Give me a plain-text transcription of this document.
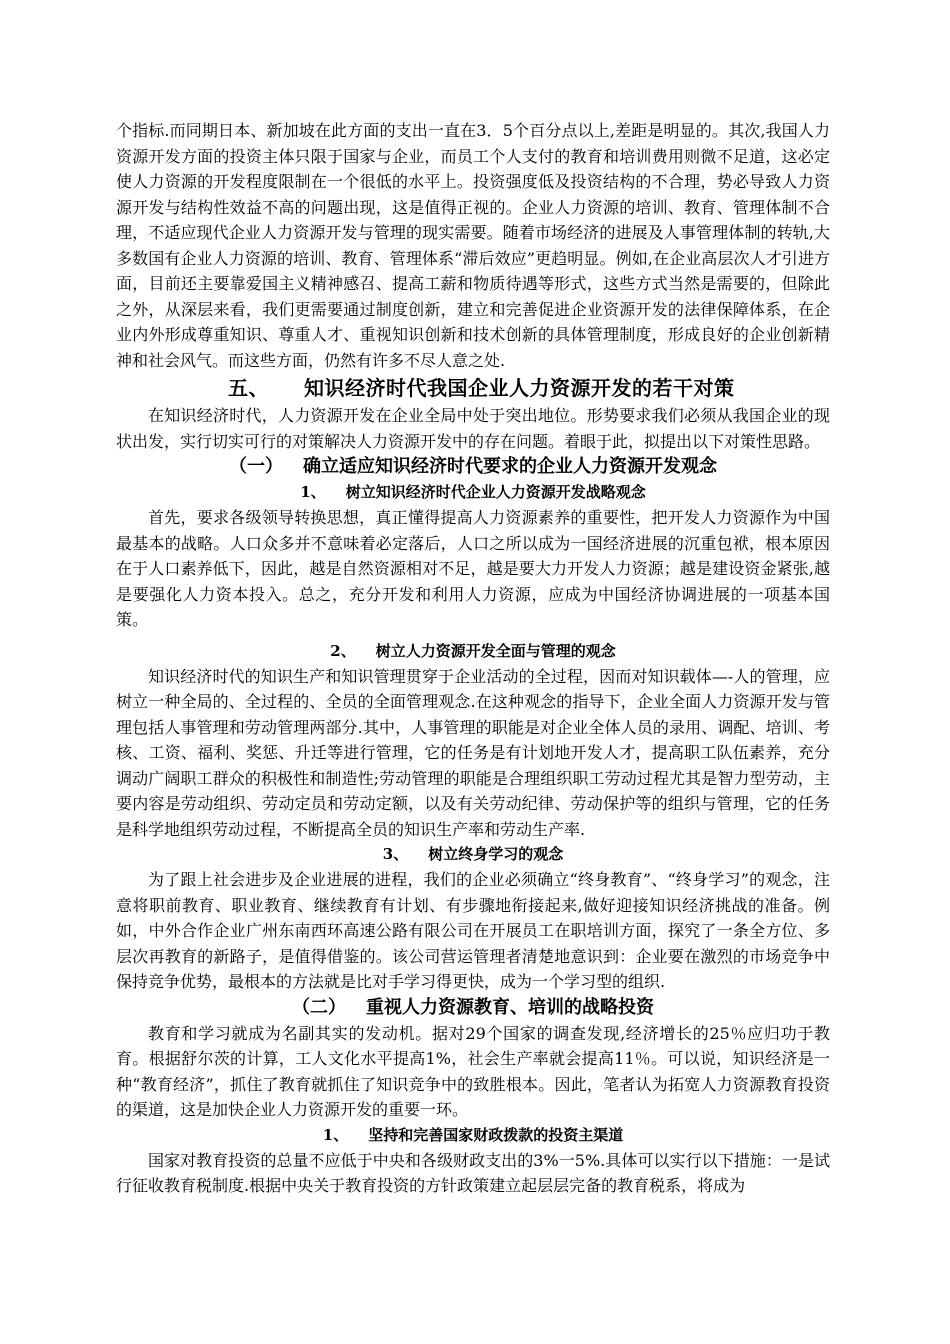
个指标.而同期日本、新加坡在此方面的支出一直在3．5个百分点以上,差距是明显的。其次,我国人力资源开发方面的投资主体只限于国家与企业，而员工个人支付的教育和培训费用则微不足道，这必定使人力资源的开发程度限制在一个很低的水平上。投资强度低及投资结构的不合理，势必导致人力资源开发与结构性效益不高的问题出现，这是值得正视的。企业人力资源的培训、教育、管理体制不合理，不适应现代企业人力资源开发与管理的现实需要。随着市场经济的进展及人事管理体制的转轨,大多数国有企业人力资源的培训、教育、管理体系“滞后效应”更趋明显。例如,在企业高层次人才引进方面，目前还主要靠爱国主义精神感召、提高工薪和物质待遇等形式，这些方式当然是需要的，但除此之外，从深层来看，我们更需要通过制度创新，建立和完善促进企业资源开发的法律保障体系，在企业内外形成尊重知识、尊重人才、重视知识创新和技术创新的具体管理制度，形成良好的企业创新精神和社会风气。而这些方面，仍然有许多不尽人意之处.

五、 知识经济时代我国企业人力资源开发的若干对策

在知识经济时代，人力资源开发在企业全局中处于突出地位。形势要求我们必须从我国企业的现状出发，实行切实可行的对策解决人力资源开发中的存在问题。着眼于此，拟提出以下对策性思路。

（一） 确立适应知识经济时代要求的企业人力资源开发观念
1、 树立知识经济时代企业人力资源开发战略观念

首先，要求各级领导转换思想，真正懂得提高人力资源素养的重要性，把开发人力资源作为中国最基本的战略。人口众多并不意味着必定落后，人口之所以成为一国经济进展的沉重包袱，根本原因在于人口素养低下，因此，越是自然资源相对不足，越是要大力开发人力资源；越是建设资金紧张,越是要强化人力资本投入。总之，充分开发和利用人力资源，应成为中国经济协调进展的一项基本国策。

2、 树立人力资源开发全面与管理的观念

知识经济时代的知识生产和知识管理贯穿于企业活动的全过程，因而对知识载体—-人的管理，应树立一种全局的、全过程的、全员的全面管理观念.在这种观念的指导下，企业全面人力资源开发与管理包括人事管理和劳动管理两部分.其中，人事管理的职能是对企业全体人员的录用、调配、培训、考核、工资、福利、奖惩、升迁等进行管理，它的任务是有计划地开发人才，提高职工队伍素养，充分调动广阔职工群众的积极性和制造性;劳动管理的职能是合理组织职工劳动过程尤其是智力型劳动，主要内容是劳动组织、劳动定员和劳动定额，以及有关劳动纪律、劳动保护等的组织与管理，它的任务是科学地组织劳动过程，不断提高全员的知识生产率和劳动生产率.

3、 树立终身学习的观念

为了跟上社会进步及企业进展的进程，我们的企业必须确立“终身教育”、“终身学习”的观念，注意将职前教育、职业教育、继续教育有计划、有步骤地衔接起来,做好迎接知识经济挑战的准备。例如，中外合作企业广州东南西环高速公路有限公司在开展员工在职培训方面，探究了一条全方位、多层次再教育的新路子，是值得借鉴的。该公司营运管理者清楚地意识到：企业要在激烈的市场竞争中保持竞争优势，最根本的方法就是比对手学习得更快，成为一个学习型的组织.

（二） 重视人力资源教育、培训的战略投资

教育和学习就成为名副其实的发动机。据对29个国家的调查发现,经济增长的25％应归功于教育。根据舒尔茨的计算，工人文化水平提高1%，社会生产率就会提高11％。可以说，知识经济是一种“教育经济”，抓住了教育就抓住了知识竞争中的致胜根本。因此，笔者认为拓宽人力资源教育投资的渠道，这是加快企业人力资源开发的重要一环。

1、 坚持和完善国家财政拨款的投资主渠道

国家对教育投资的总量不应低于中央和各级财政支出的3%一5%.具体可以实行以下措施：一是试行征收教育税制度.根据中央关于教育投资的方针政策建立起层层完备的教育税系，将成为
